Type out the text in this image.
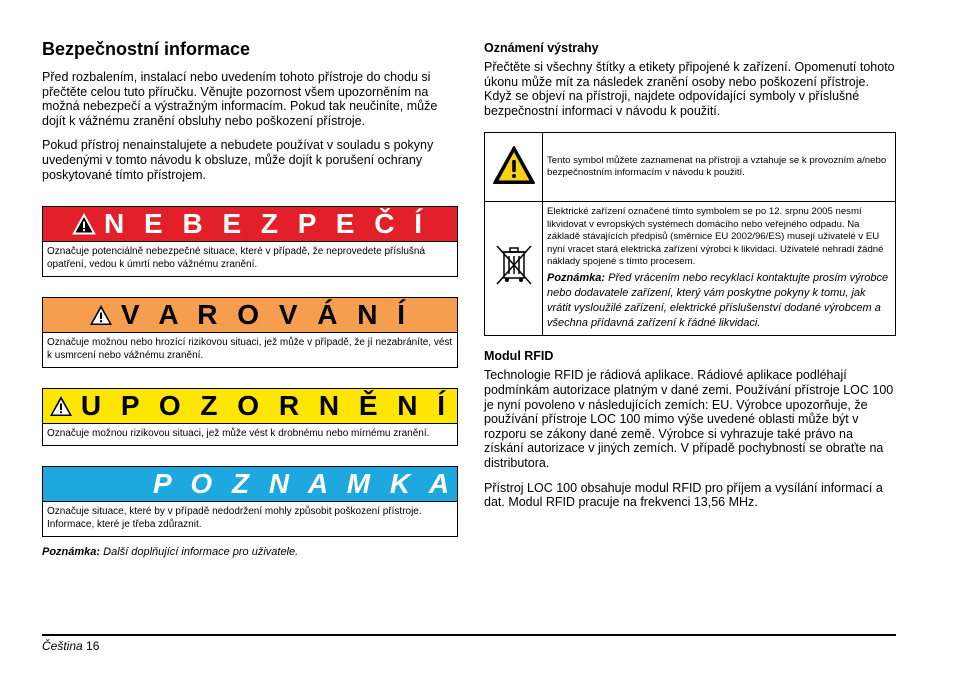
Bezpečnostní informace

Před rozbalením, instalací nebo uvedením tohoto přístroje do chodu si přečtěte celou tuto příručku. Věnujte pozornost všem upozorněním na možná nebezpečí a výstražným informacím. Pokud tak neučiníte, může dojít k vážnému zranění obsluhy nebo poškození přístroje.

Pokud přístroj nenainstalujete a nebudete používat v souladu s pokyny uvedenými v tomto návodu k obsluze, může dojít k porušení ochrany poskytované tímto přístrojem.

N E B E Z P E Č Í
Označuje potenciálně nebezpečné situace, které v případě, že neprovedete příslušná opatření, vedou k úmrtí nebo vážnému zranění.
V A R O V Á N Í
Označuje možnou nebo hrozící rizikovou situaci, jež může v případě, že jí nezabráníte, vést k usmrcení nebo vážnému zranění.
U P O Z O R N Ě N Í
Označuje možnou rizikovou situaci, jež může vést k drobnému nebo mírnému zranění.
P O Z N A M K A
Označuje situace, které by v případě nedodržení mohly způsobit poškození přístroje. Informace, které je třeba zdůraznit.
Poznámka: Další doplňující informace pro uživatele.
Oznámení výstrahy

Přečtěte si všechny štítky a etikety připojené k zařízení. Opomenutí tohoto úkonu může mít za následek zranění osoby nebo poškození přístroje. Když se objeví na přístroji, najdete odpovídající symboly v příslušné bezpečnostní informaci v návodu k použití.

	Tento symbol můžete zaznamenat na přístroji a vztahuje se k provozním a/nebo bezpečnostním informacím v návodu k použití.

Elektrické zařízení označené tímto symbolem se po 12. srpnu 2005 nesmí likvidovat v evropských systémech domácího nebo veřejného odpadu. Na základě stávajících předpisů (směrnice EU 2002/96/ES) musejí uživatelé v EU nyní vracet stará elektrická zařízení výrobci k likvidaci. Uživatelé nehradí žádné náklady spojené s tímto procesem.
Poznámka: Před vrácením nebo recyklací kontaktujte prosím výrobce nebo dodavatele zařízení, který vám poskytne pokyny k tomu, jak vrátit vysloužilé zařízení, elektrické příslušenství dodané výrobcem a všechna přídavná zařízení k řádné likvidaci.
Modul RFID

Technologie RFID je rádiová aplikace. Rádiové aplikace podléhají podmínkám autorizace platným v dané zemi. Používání přístroje LOC 100 je nyní povoleno v následujících zemích: EU. Výrobce upozorňuje, že používání přístroje LOC 100 mimo výše uvedené oblasti může být v rozporu se zákony dané země. Výrobce si vyhrazuje také právo na získání autorizace v jiných zemích. V případě pochybností se obraťte na distributora.

Přístroj LOC 100 obsahuje modul RFID pro příjem a vysílání informací a dat. Modul RFID pracuje na frekvenci 13,56 MHz.

Čeština 16
